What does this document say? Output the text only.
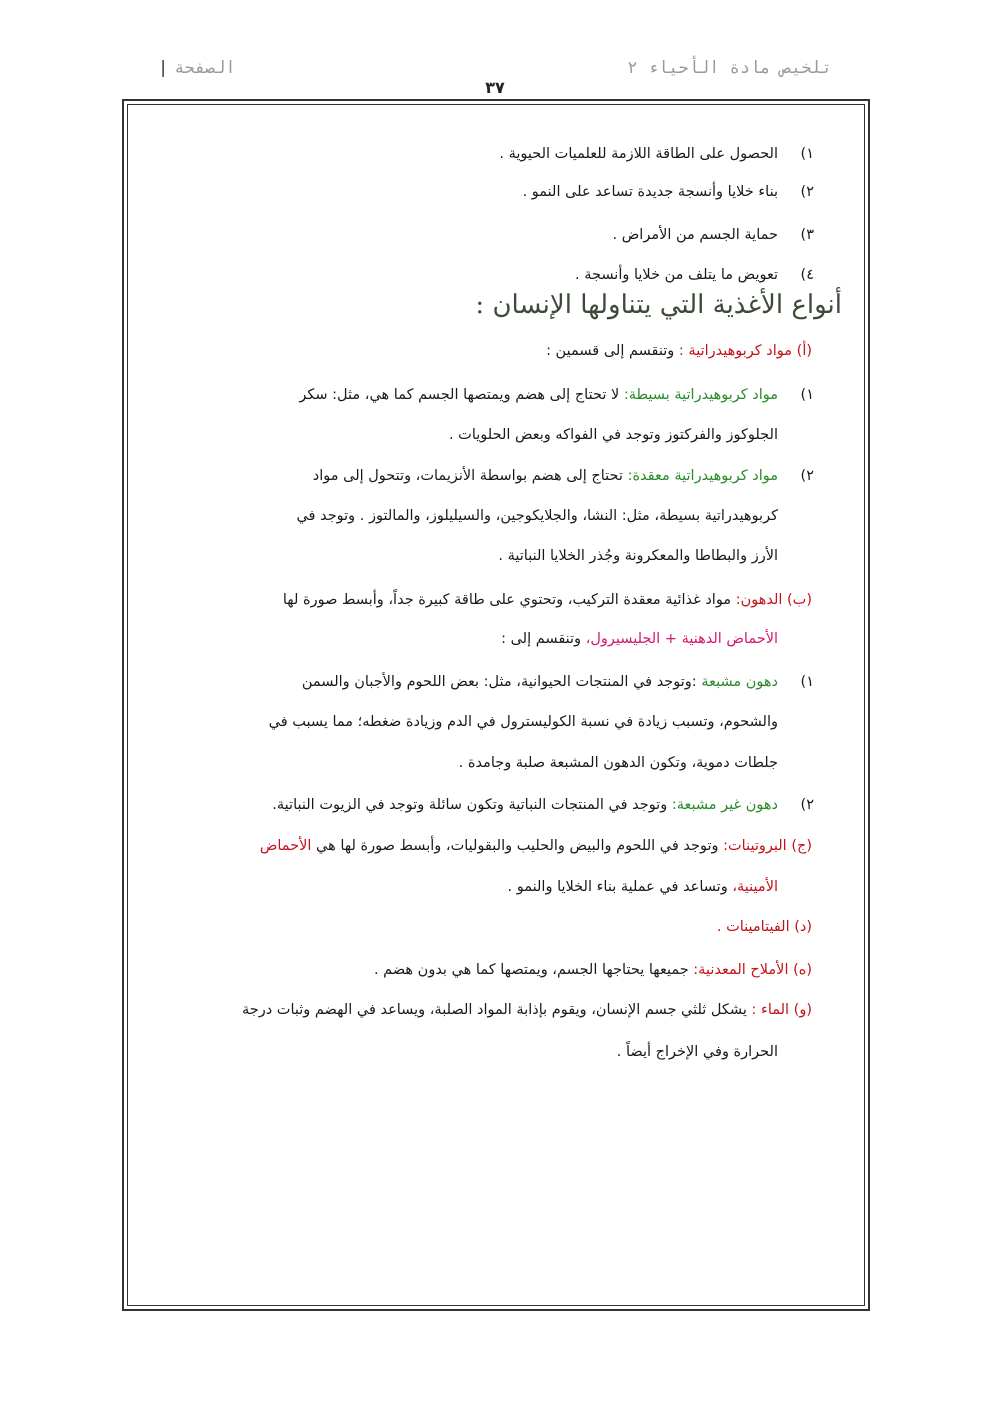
تلخيص مادة الأحياء ٢
الصفحة|
٣٧
١)الحصول على الطاقة اللازمة للعلميات الحيوية .
٢)بناء خلايا وأنسجة جديدة تساعد على النمو .
٣)حماية الجسم من الأمراض .
٤)تعويض ما يتلف من خلايا وأنسجة .
أنواع الأغذية التي يتناولها الإنسان :
(أ) مواد كربوهيدراتية : وتنقسم إلى قسمين :
١)مواد كربوهيدراتية بسيطة: لا تحتاج إلى هضم ويمتصها الجسم كما هي، مثل: سكر
الجلوكوز والفركتوز وتوجد في الفواكه وبعض الحلويات .
٢)مواد كربوهيدراتية معقدة: تحتاج إلى هضم بواسطة الأنزيمات، وتتحول إلى مواد
كربوهيدراتية بسيطة، مثل: النشا، والجلايكوجين، والسيليلوز، والمالتوز . وتوجد في
الأرز والبطاطا والمعكرونة وجُذر الخلايا النباتية .
(ب) الدهون: مواد غذائية معقدة التركيب، وتحتوي على طاقة كبيرة جداً، وأبسط صورة لها
الأحماض الدهنية + الجليسيرول، وتنقسم إلى :
١)دهون مشبعة :وتوجد في المنتجات الحيوانية، مثل: بعض اللحوم والأجبان والسمن
والشحوم، وتسبب زيادة في نسبة الكوليسترول في الدم وزيادة ضغطه؛ مما يسبب في
جلطات دموية، وتكون الدهون المشبعة صلبة وجامدة .
٢)دهون غير مشبعة: وتوجد في المنتجات النباتية وتكون سائلة وتوجد في الزيوت النباتية.
(ج) البروتينات: وتوجد في اللحوم والبيض والحليب والبقوليات، وأبسط صورة لها هي الأحماض
الأمينية، وتساعد في عملية بناء الخلايا والنمو .
(د) الفيتامينات .
(ه) الأملاح المعدنية: جميعها يحتاجها الجسم، ويمتصها كما هي بدون هضم .
(و) الماء : يشكل ثلثي جسم الإنسان، ويقوم بإذابة المواد الصلبة، ويساعد في الهضم وثبات درجة
الحرارة وفي الإخراج أيضاً .
